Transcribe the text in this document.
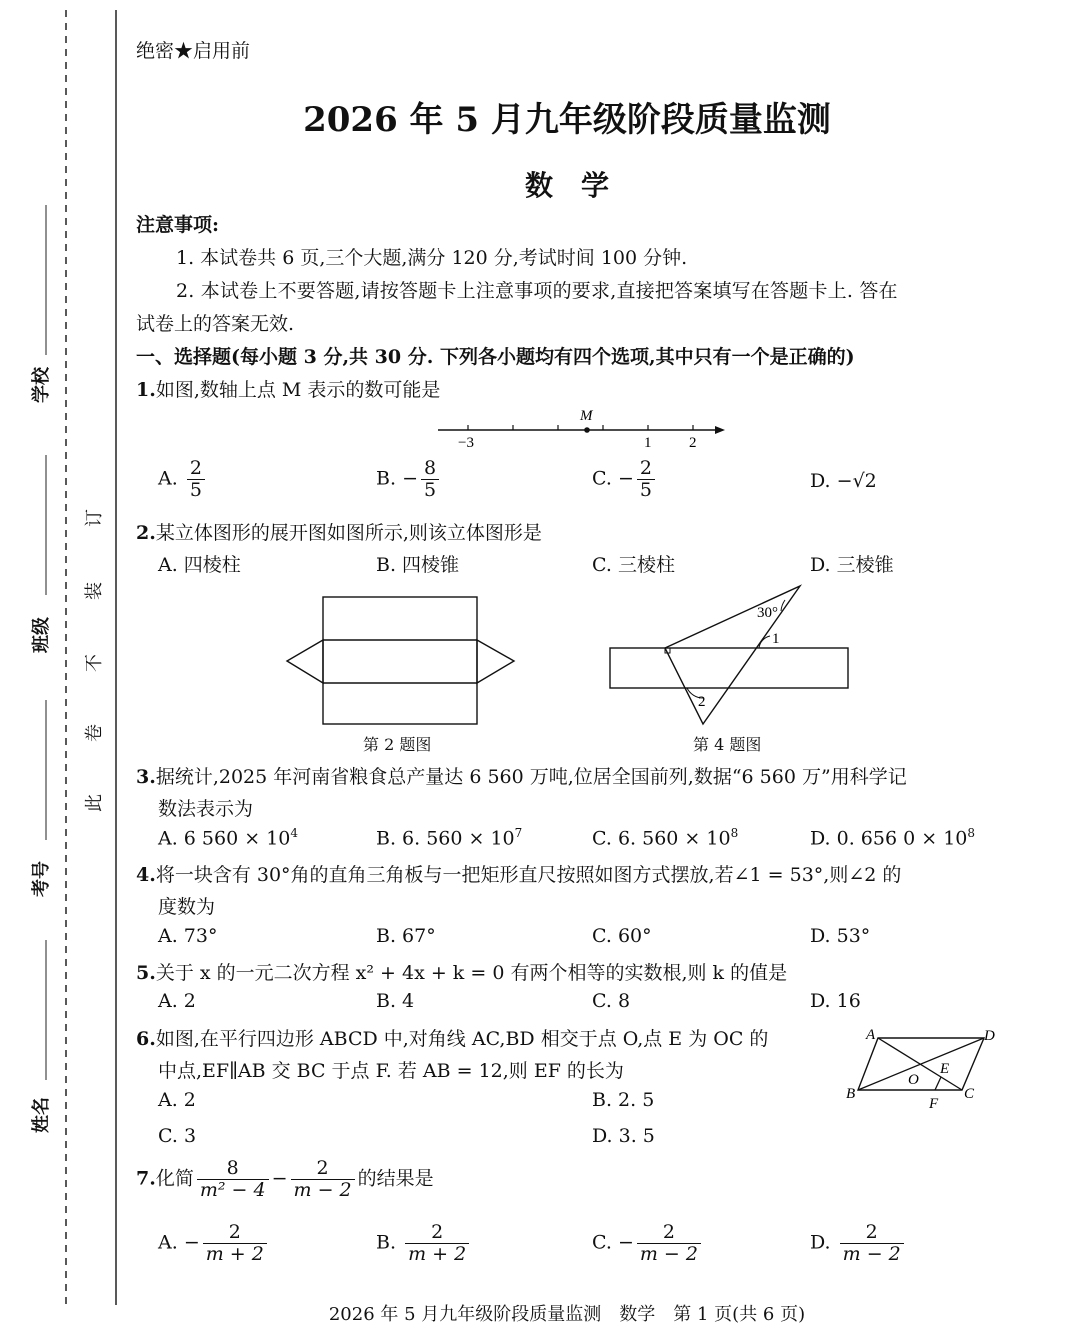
学校
班级
考号
姓名
此
卷
不
装
订
绝密★启用前
2026 年 5 月九年级阶段质量监测
数　学
注意事项:
1. 本试卷共 6 页,三个大题,满分 120 分,考试时间 100 分钟.
2. 本试卷上不要答题,请按答题卡上注意事项的要求,直接把答案填写在答题卡上. 答在
试卷上的答案无效.
一、选择题(每小题 3 分,共 30 分. 下列各小题均有四个选项,其中只有一个是正确的)
1.如图,数轴上点 M 表示的数可能是
M
−3	1	2
A. $\frac{2}{5}$	B. − $\frac{8}{5}$	C. − $\frac{2}{5}$	D. −√2
2.某立体图形的展开图如图所示,则该立体图形是
A. 四棱柱	B. 四棱锥	C. 三棱柱	D. 三棱锥
第 2 题图
30°
1
2
第 4 题图
3.据统计,2025 年河南省粮食总产量达 6 560 万吨,位居全国前列,数据“6 560 万”用科学记
数法表示为
A. 6 $560 \times 10^4$	B. 6. $560 \times 10^7$	C. 6. $560 \times 10^8$	D. 0. 656 $0 \times 10^8$
4.将一块含有 30°角的直角三角板与一把矩形直尺按照如图方式摆放,若∠1 = 53°,则∠2 的
度数为
A. 73°	B. 67°	C. 60°	D. 53°
5.关于 x 的一元二次方程 x² + 4x + k = 0 有两个相等的实数根,则 k 的值是
A. 2	B. 4	C. 8	D. 16
6.如图,在平行四边形 ABCD 中,对角线 AC,BD 相交于点 O,点 E 为 OC 的
中点,EF∥AB 交 BC 于点 F. 若 AB = 12,则 EF 的长为
A. 2	B. 2. 5
C. 3	D. 3. 5
A	D
B	C
E
O
F
7.化简 $\frac{8}{\text{m² − 4}} - \frac{2}{m - 2}$ 的结果是
A. − $\frac{2}{m + 2}$	B. $\frac{2}{m + 2}$	C. − $\frac{2}{m - 2}$	D. $\frac{2}{m - 2}$
2026 年 5 月九年级阶段质量监测　数学　第 1 页(共 6 页)
